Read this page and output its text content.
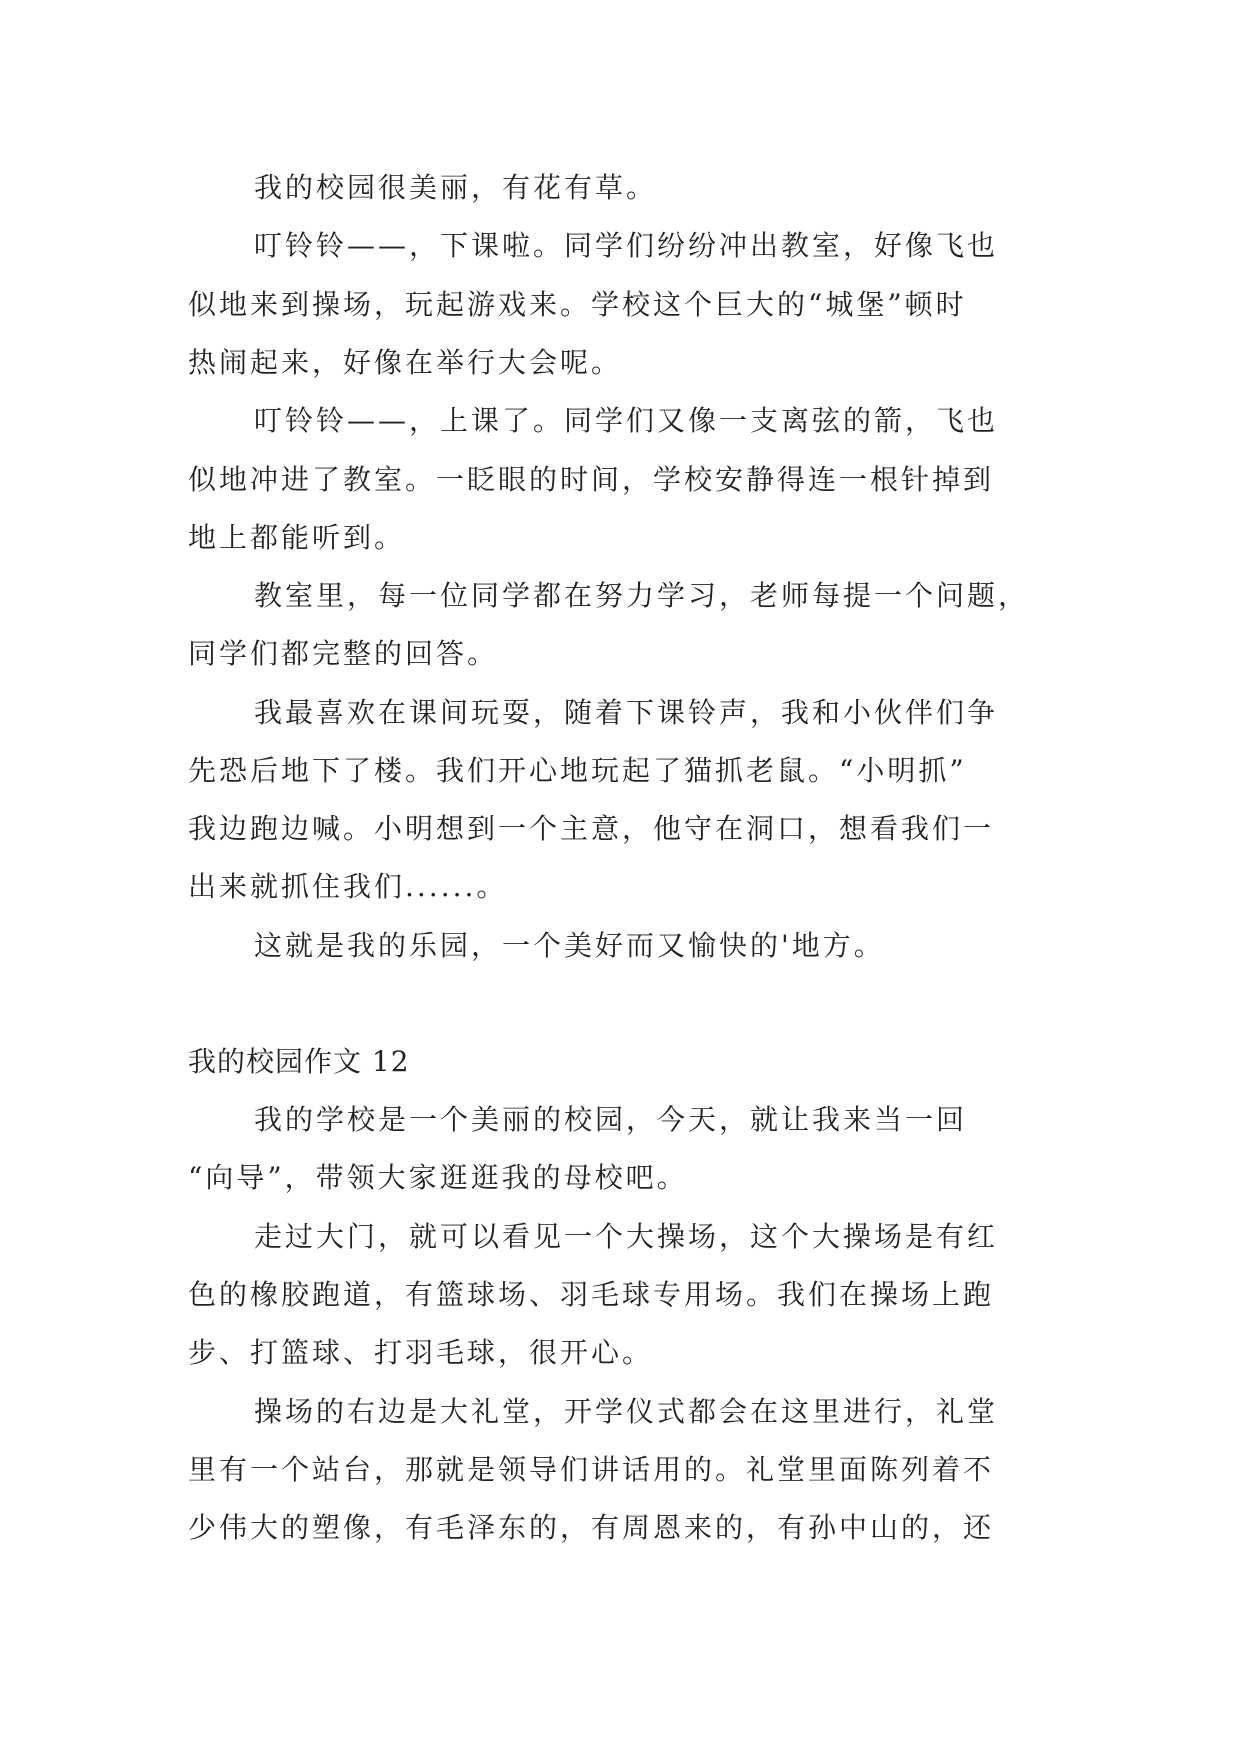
我的校园很美丽，有花有草。
叮铃铃——，下课啦。同学们纷纷冲出教室，好像飞也
似地来到操场，玩起游戏来。学校这个巨大的“城堡”顿时
热闹起来，好像在举行大会呢。
叮铃铃——，上课了。同学们又像一支离弦的箭，飞也
似地冲进了教室。一眨眼的时间，学校安静得连一根针掉到
地上都能听到。
教室里，每一位同学都在努力学习，老师每提一个问题，
同学们都完整的回答。
我最喜欢在课间玩耍，随着下课铃声，我和小伙伴们争
先恐后地下了楼。我们开心地玩起了猫抓老鼠。“小明抓”
我边跑边喊。小明想到一个主意，他守在洞口，想看我们一
出来就抓住我们......。
这就是我的乐园，一个美好而又愉快的'地方。
我的校园作文 12
我的学校是一个美丽的校园，今天，就让我来当一回
“向导”，带领大家逛逛我的母校吧。
走过大门，就可以看见一个大操场，这个大操场是有红
色的橡胶跑道，有篮球场、羽毛球专用场。我们在操场上跑
步、打篮球、打羽毛球，很开心。
操场的右边是大礼堂，开学仪式都会在这里进行，礼堂
里有一个站台，那就是领导们讲话用的。礼堂里面陈列着不
少伟大的塑像，有毛泽东的，有周恩来的，有孙中山的，还
